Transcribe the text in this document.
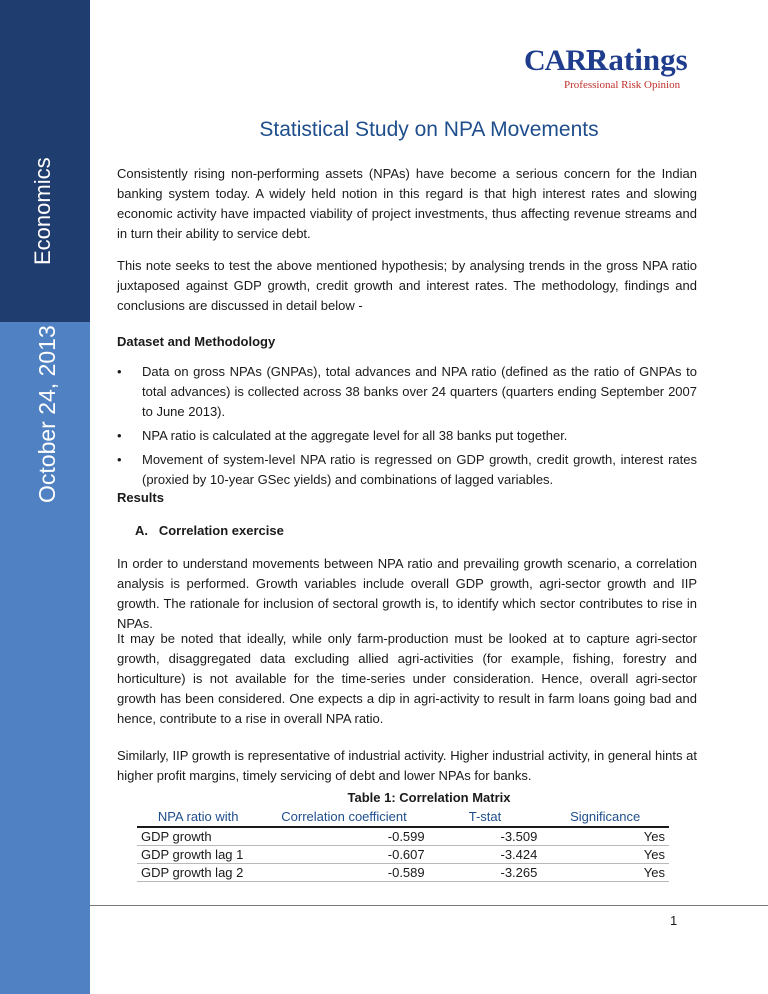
Economics
October 24, 2013
CARE
Ratings
Professional Risk Opinion
Statistical Study on NPA Movements

Consistently rising non-performing assets (NPAs) have become a serious concern for the Indian banking system today. A widely held notion in this regard is that high interest rates and slowing economic activity have impacted viability of project investments, thus affecting revenue streams and in turn their ability to service debt.

This note seeks to test the above mentioned hypothesis; by analysing trends in the gross NPA ratio juxtaposed against GDP growth, credit growth and interest rates. The methodology, findings and conclusions are discussed in detail below -

Dataset and Methodology
• Data on gross NPAs (GNPAs), total advances and NPA ratio (defined as the ratio of GNPAs to total advances) is collected across 38 banks over 24 quarters (quarters ending September 2007 to June 2013).
• NPA ratio is calculated at the aggregate level for all 38 banks put together.
• Movement of system-level NPA ratio is regressed on GDP growth, credit growth, interest rates (proxied by 10-year GSec yields) and combinations of lagged variables.
Results
A.   Correlation exercise

In order to understand movements between NPA ratio and prevailing growth scenario, a correlation analysis is performed. Growth variables include overall GDP growth, agri-sector growth and IIP growth. The rationale for inclusion of sectoral growth is, to identify which sector contributes to rise in NPAs.

It may be noted that ideally, while only farm-production must be looked at to capture agri-sector growth, disaggregated data excluding allied agri-activities (for example, fishing, forestry and horticulture) is not available for the time-series under consideration. Hence, overall agri-sector growth has been considered. One expects a dip in agri-activity to result in farm loans going bad and hence, contribute to a rise in overall NPA ratio.

Similarly, IIP growth is representative of industrial activity. Higher industrial activity, in general hints at higher profit margins, timely servicing of debt and lower NPAs for banks.

Table 1: Correlation Matrix
NPA ratio with	Correlation coefficient	T-stat	Significance
GDP growth	-0.599	-3.509	Yes
GDP growth lag 1	-0.607	-3.424	Yes
GDP growth lag 2	-0.589	-3.265	Yes
1
